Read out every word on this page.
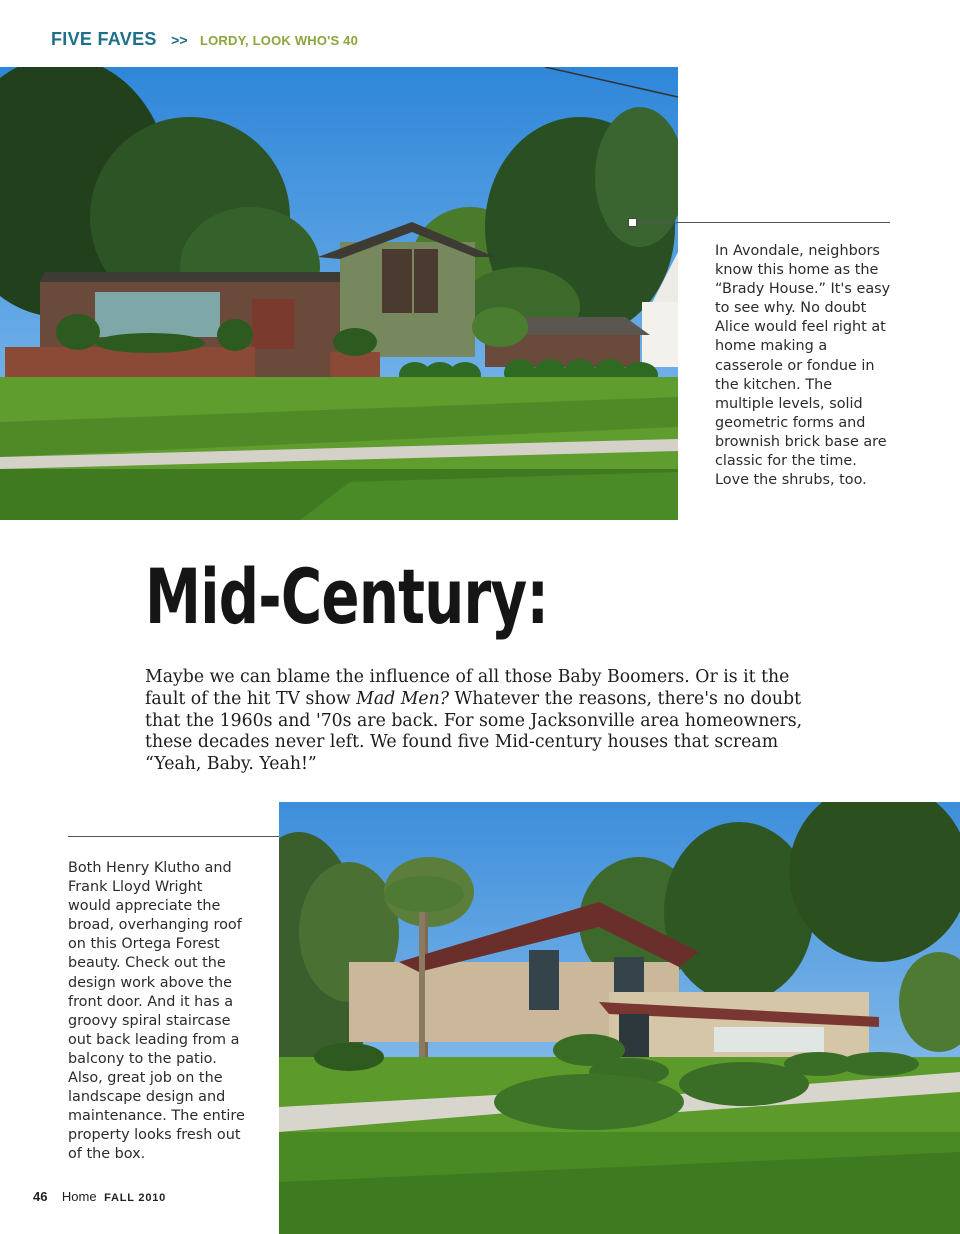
FIVE FAVES >> LORDY, LOOK WHO'S 40

In Avondale, neighbors know this home as the “Brady House.” It's easy to see why. No doubt Alice would feel right at home making a casserole or fondue in the kitchen. The multiple levels, solid geometric forms and brownish brick base are classic for the time. Love the shrubs, too.

Mid-Century:

Maybe we can blame the influence of all those Baby Boomers. Or is it the fault of the hit TV show Mad Men? Whatever the reasons, there's no doubt that the 1960s and '70s are back. For some Jacksonville area homeowners, these decades never left. We found five Mid-century houses that scream “Yeah, Baby. Yeah!”

Both Henry Klutho and Frank Lloyd Wright would appreciate the broad, overhanging roof on this Ortega Forest beauty. Check out the design work above the front door. And it has a groovy spiral staircase out back leading from a balcony to the patio. Also, great job on the landscape design and maintenance. The entire property looks fresh out of the box.

46 Home FALL 2010
